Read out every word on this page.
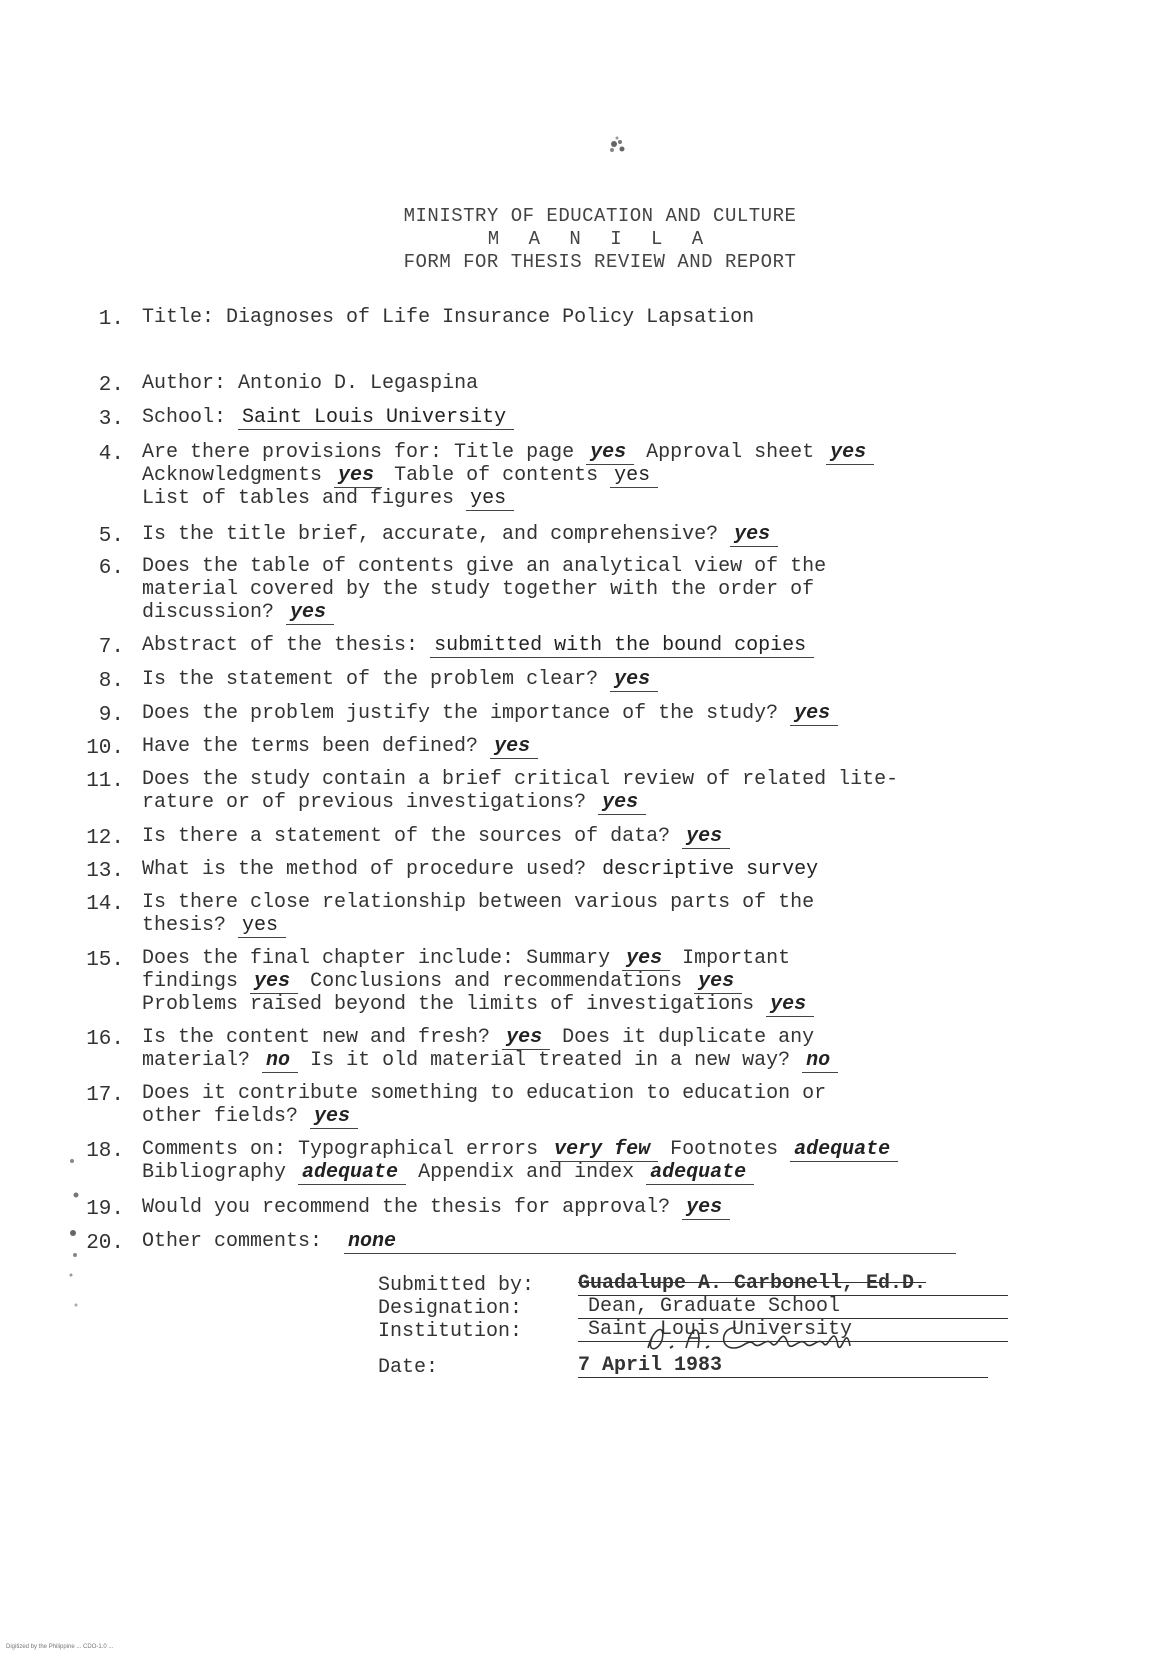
MINISTRY OF EDUCATION AND CULTURE
M A N I L A
FORM FOR THESIS REVIEW AND REPORT
1. Title: Diagnoses of Life Insurance Policy Lapsation
2. Author: Antonio D. Legaspina
3. School: Saint Louis University
4. Are there provisions for: Title page yes Approval sheet yes
Acknowledgments yes Table of contents yes
List of tables and figures yes
5. Is the title brief, accurate, and comprehensive? yes
6. Does the table of contents give an analytical view of the
material covered by the study together with the order of
discussion? yes
7. Abstract of the thesis: submitted with the bound copies
8. Is the statement of the problem clear? yes
9. Does the problem justify the importance of the study? yes
10. Have the terms been defined? yes
11. Does the study contain a brief critical review of related lite-
rature or of previous investigations? yes
12. Is there a statement of the sources of data? yes
13. What is the method of procedure used? descriptive survey
14. Is there close relationship between various parts of the
thesis? yes
15. Does the final chapter include: Summary yes Important
findings yes Conclusions and recommendations yes
Problems raised beyond the limits of investigations yes
16. Is the content new and fresh? yes Does it duplicate any
material? no Is it old material treated in a new way? no
17. Does it contribute something to education to education or
other fields? yes
18. Comments on: Typographical errors very few Footnotes adequate
Bibliography adequate Appendix and index adequate
19. Would you recommend the thesis for approval? yes
20. Other comments: none
Submitted by: Guadalupe A. Carbonell, Ed.D.
Designation:	Dean, Graduate School
Institution:	Saint Louis University
Date:	7 April 1983
Digitized by the Philippine ... CDO-1.0 ...
